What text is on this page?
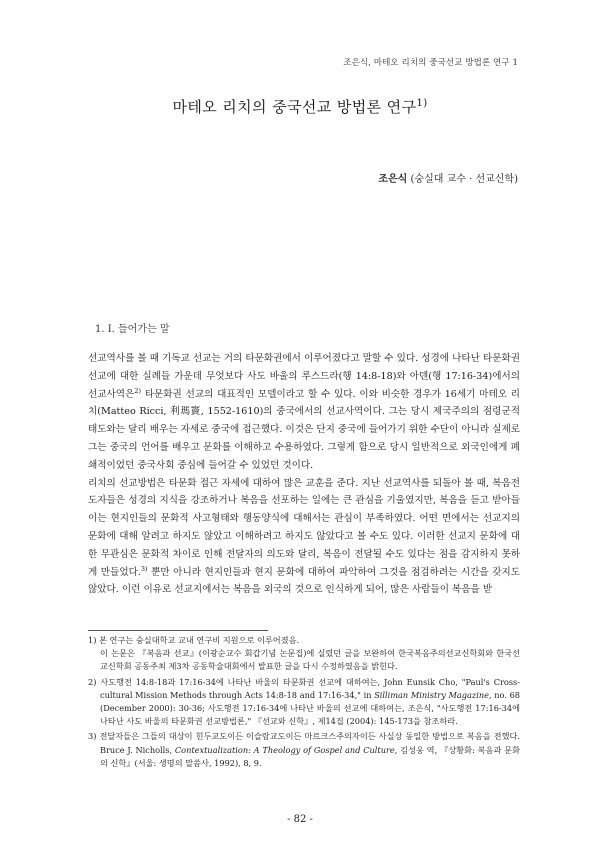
조은식, 마테오 리치의 중국선교 방법론 연구 1
마테오 리치의 중국선교 방법론 연구$^{1)}$
조은식 (숭실대 교수 · 선교신학)
1. I. 들어가는 말

선교역사를 볼 때 기독교 선교는 거의 타문화권에서 이루어졌다고 말할 수 있다. 성경에 나타난 타문화권 선교에 대한 실례들 가운데 무엇보다 사도 바울의 루스드라(행 14:8-18)와 아덴(행 17:16-34)에서의 선교사역은$^{2)}$ 타문화권 선교의 대표적인 모델이라고 할 수 있다. 이와 비슷한 경우가 16세기 마테오 리치(Matteo Ricci, 利瑪竇, 1552-1610)의 중국에서의 선교사역이다. 그는 당시 제국주의의 점령군적 태도와는 달리 배우는 자세로 중국에 접근했다. 이것은 단지 중국에 들어가기 위한 수단이 아니라 실제로 그는 중국의 언어를 배우고 문화를 이해하고 수용하였다. 그렇게 함으로 당시 일반적으로 외국인에게 폐쇄적이었던 중국사회 중심에 들어갈 수 있었던 것이다.

리치의 선교방법은 타문화 접근 자세에 대하여 많은 교훈을 준다. 지난 선교역사를 되돌아 볼 때, 복음전도자들은 성경의 지식을 강조하거나 복음을 선포하는 일에는 큰 관심을 기울였지만, 복음을 듣고 받아들이는 현지인들의 문화적 사고형태와 행동양식에 대해서는 관심이 부족하였다. 어떤 면에서는 선교지의 문화에 대해 알려고 하지도 않았고 이해하려고 하지도 않았다고 볼 수도 있다. 이러한 선교지 문화에 대한 무관심은 문화적 차이로 인해 전달자의 의도와 달리, 복음이 전달될 수도 있다는 점을 감지하지 못하게 만들었다.$^{3)}$ 뿐만 아니라 현지인들과 현지 문화에 대하여 파악하여 그것을 점검하려는 시간을 갖지도 않았다. 이런 이유로 선교지에서는 복음을 외국의 것으로 인식하게 되어, 많은 사람들이 복음을 받

1) 본 연구는 숭실대학교 교내 연구비 지원으로 이루어졌음.
이 논문은 『복음과 선교』(이광순교수 회갑기념 논문집)에 실렸던 글을 보완하여 한국복음주의선교신학회와 한국선교신학회 공동주최 제3차 공동학술대회에서 발표한 글을 다시 수정하였음을 밝힌다.
2) 사도행전 14:8-18과 17:16-34에 나타난 바울의 타문화권 선교에 대하여는, John Eunsik Cho, "Paul's Cross-cultural Mission Methods through Acts 14:8-18 and 17:16-34," in Silliman Ministry Magazine, no. 68 (December 2000): 30-36; 사도행전 17:16-34에 나타난 바울의 선교에 대하여는, 조은식, "사도행전 17:16-34에 나타난 사도 바울의 타문화권 선교방법론," 『선교와 신학』, 제14집 (2004): 145-173을 참조하라.
3) 전달자들은 그들의 대상이 힌두교도이든 이슬람교도이든 마르크스주의자이든 사실상 동일한 방법으로 복음을 전했다. Bruce J. Nicholls, Contextualization: A Theology of Gospel and Culture, 김성웅 역, 『상황화: 복음과 문화의 신학』(서울: 생명의 말씀사, 1992), 8, 9.
- 82 -
